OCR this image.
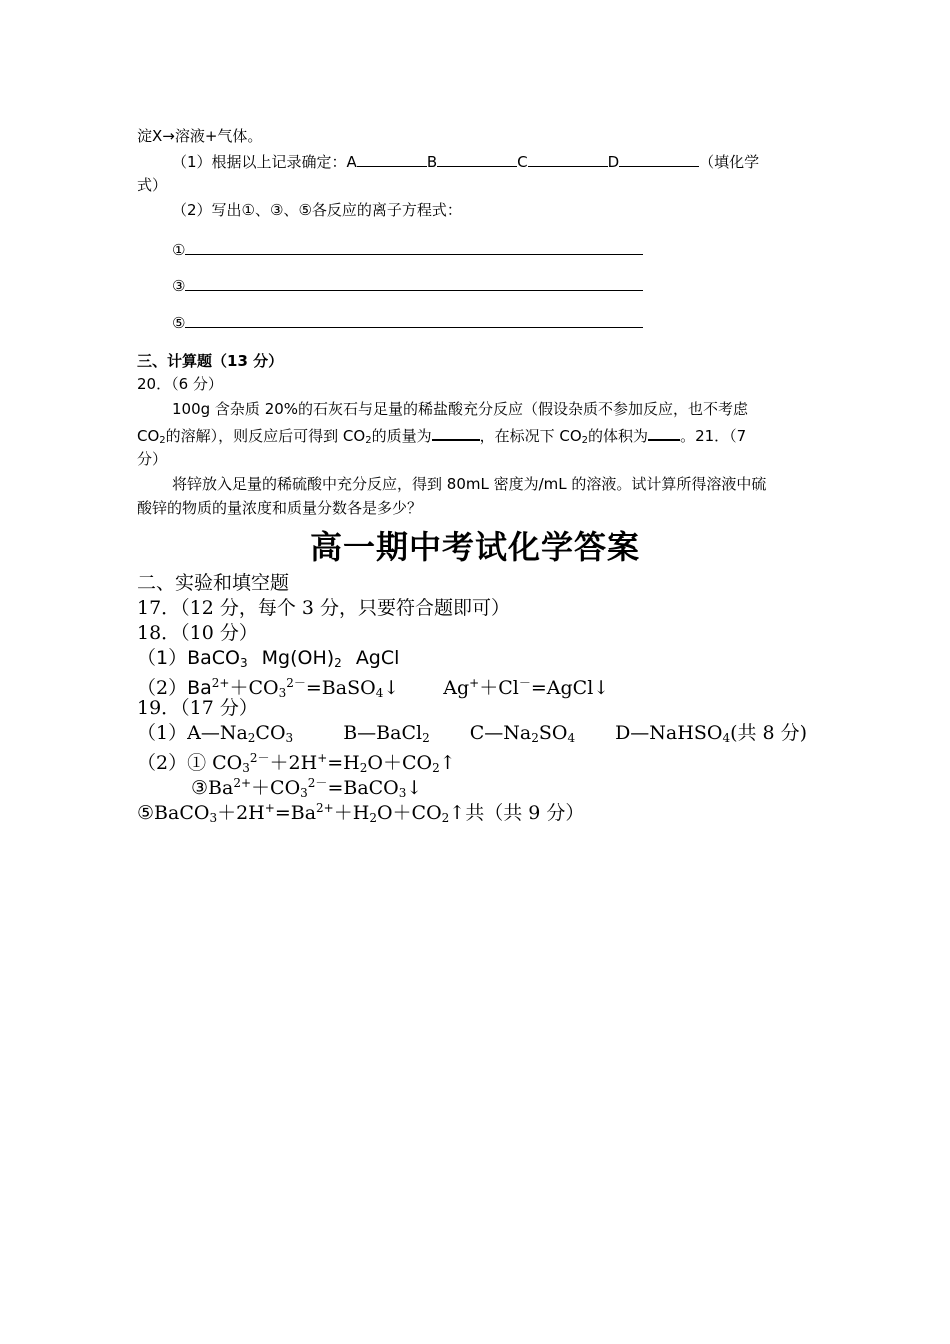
淀X→溶液+气体。
（1）根据以上记录确定：A	B	C	D	（填化学
式）
（2）写出①、③、⑤各反应的离子方程式：
①
③
⑤
三、计算题（13 分）
20．（6 分）
100g 含杂质 20%的石灰石与足量的稀盐酸充分反应（假设杂质不参加反应，也不考虑
$CO_2$的溶解），则反应后可得到 $CO_2$的质量为	，在标况下 $CO_2$的体积为 。21．（7
分）
将锌放入足量的稀硫酸中充分反应，得到 80mL 密度为/mL 的溶液。试计算所得溶液中硫
酸锌的物质的量浓度和质量分数各是多少？
高一期中考试化学答案
二、实验和填空题
17．（12 分，每个 3 分，只要符合题即可）
18．（10 分）
（1）BaCO$_3$ $Mg(OH)_2$ AgCl
$(2)Ba^{2+}+CO_3^{2-}=BaSO_4↓$ Ag+＋Cl－=AgCl↓
19．（17 分）
$(1)A—Na_2CO_3$	B—BaCl$_2$ $C—Na_2SO_4$ D—NaHSO$_4$(共 8 分)
（2）① $CO_3^{2-}+2H^+=H_2O+CO_2↑$
$③Ba^{2+}+CO_3^{2-}=BaCO_3↓$
$⑤BaCO_3+2H^+=Ba^{2+}+H_2O+CO_2↑$共（共 9 分）
